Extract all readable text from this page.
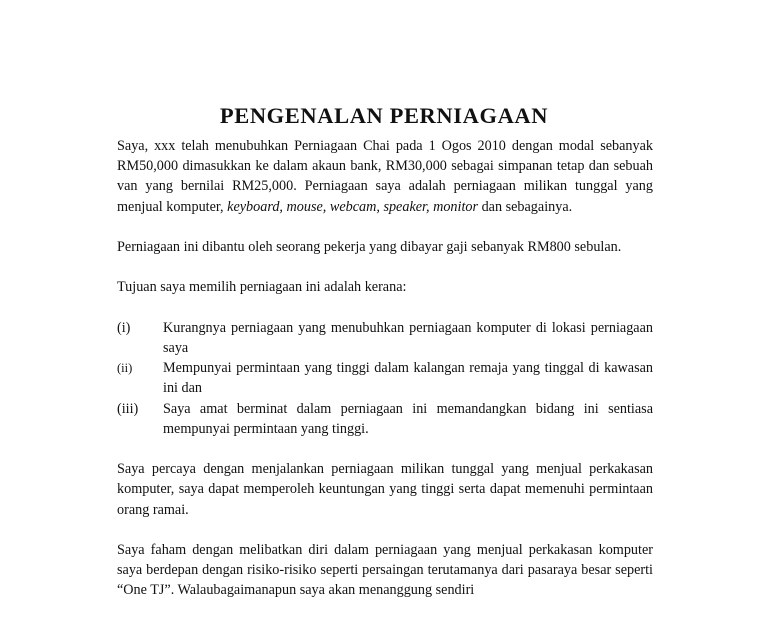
PENGENALAN PERNIAGAAN

Saya, xxx telah menubuhkan Perniagaan Chai pada 1 Ogos 2010 dengan modal sebanyak RM50,000 dimasukkan ke dalam akaun bank, RM30,000 sebagai simpanan tetap dan sebuah van yang bernilai RM25,000. Perniagaan saya adalah perniagaan milikan tunggal yang menjual komputer, keyboard, mouse, webcam, speaker, monitor dan sebagainya.

Perniagaan ini dibantu oleh seorang pekerja yang dibayar gaji sebanyak RM800 sebulan.

Tujuan saya memilih perniagaan ini adalah kerana:

(i)	Kurangnya perniagaan yang menubuhkan perniagaan komputer di lokasi perniagaan saya
(ii)	Mempunyai permintaan yang tinggi dalam kalangan remaja yang tinggal di kawasan ini dan
(iii)	Saya amat berminat dalam perniagaan ini memandangkan bidang ini sentiasa mempunyai permintaan yang tinggi.

Saya percaya dengan menjalankan perniagaan milikan tunggal yang menjual perkakasan komputer, saya dapat memperoleh keuntungan yang tinggi serta dapat memenuhi permintaan orang ramai.

Saya faham dengan melibatkan diri dalam perniagaan yang menjual perkakasan komputer saya berdepan dengan risiko-risiko seperti persaingan terutamanya dari pasaraya besar seperti “One TJ”. Walaubagaimanapun saya akan menanggung sendiri
